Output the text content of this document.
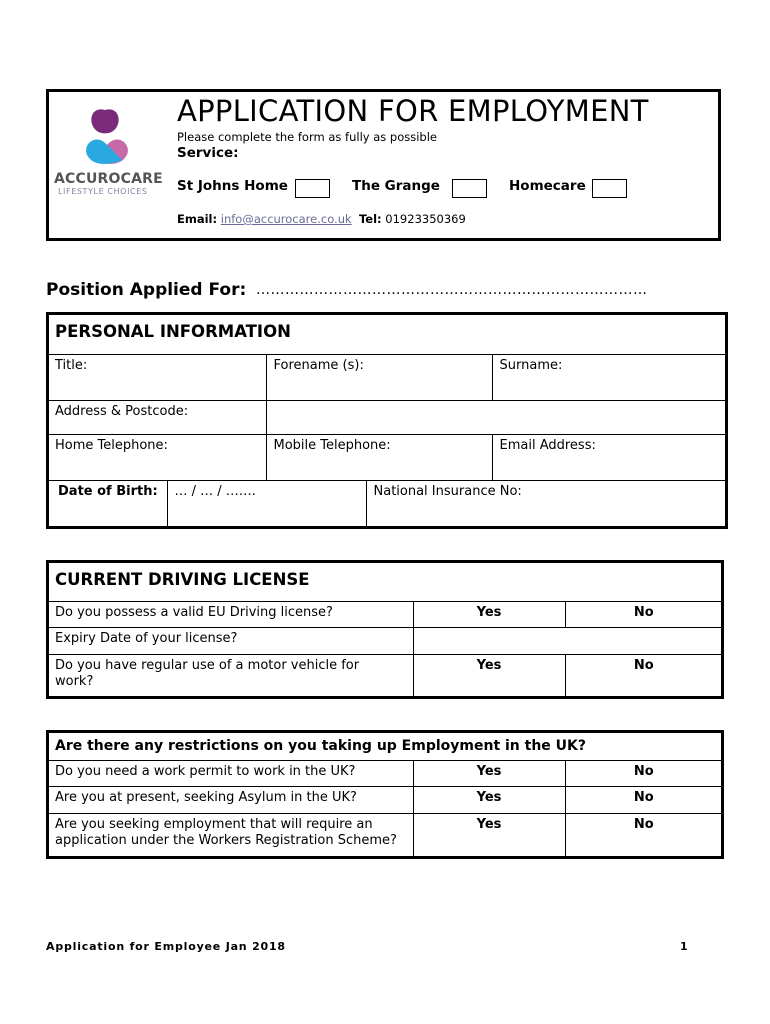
ACCUROCARE
LIFESTYLE CHOICES
APPLICATION FOR EMPLOYMENT
Please complete the form as fully as possible
Service:
St Johns Home	The Grange	Homecare
Email: info@accurocare.co.uk Tel: 01923350369
Position Applied For: ………………………………………………………………………
PERSONAL INFORMATION				
Title:		Forename (s):		Surname:
Address & Postcode:				
Home Telephone:		Mobile Telephone:		Email Address:
Date of Birth:	… / … / …….		National Insurance No:	
CURRENT DRIVING LICENSE		
Do you possess a valid EU Driving license?	Yes	No
Expiry Date of your license?		
Do you have regular use of a motor vehicle for work?	Yes	No
Are there any restrictions on you taking up Employment in the UK?		
Do you need a work permit to work in the UK?	Yes	No
Are you at present, seeking Asylum in the UK?	Yes	No
Are you seeking employment that will require an application under the Workers Registration Scheme?	Yes	No
Application for Employee Jan 2018	1
